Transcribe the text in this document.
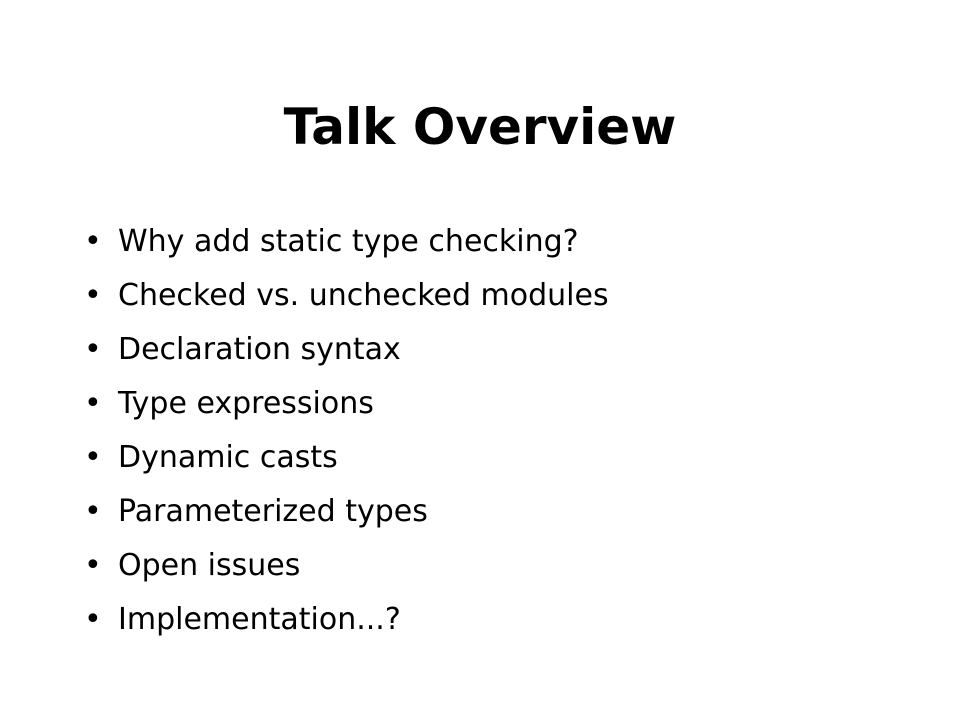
Talk Overview
• Why add static type checking?
• Checked vs. unchecked modules
• Declaration syntax
• Type expressions
• Dynamic casts
• Parameterized types
• Open issues
• Implementation...?
